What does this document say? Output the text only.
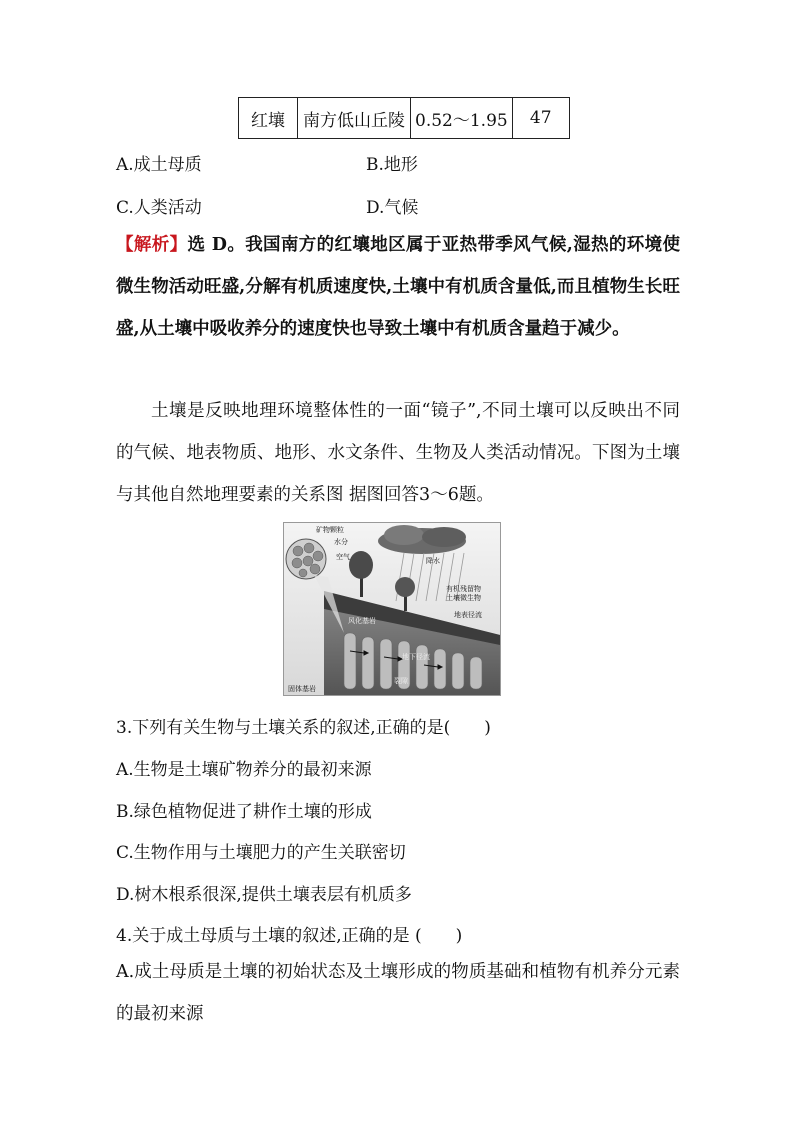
红壤	南方低山丘陵	0.52～1.95	47
A.成土母质	B.地形
C.人类活动	D.气候
【解析】选 D。我国南方的红壤地区属于亚热带季风气候,湿热的环境使微生物活动旺盛,分解有机质速度快,土壤中有机质含量低,而且植物生长旺盛,从土壤中吸收养分的速度快也导致土壤中有机质含量趋于减少。
土壤是反映地理环境整体性的一面“镜子”,不同土壤可以反映出不同的气候、地表物质、地形、水文条件、生物及人类活动情况。下图为土壤与其他自然地理要素的关系图 据图回答3～6题。
矿物颗粒
水分
空气
降水
有机残留物
土壤微生物
地表径流
风化基岩
地下径流
裂隙
固体基岩
3.下列有关生物与土壤关系的叙述,正确的是(　　)
A.生物是土壤矿物养分的最初来源
B.绿色植物促进了耕作土壤的形成
C.生物作用与土壤肥力的产生关联密切
D.树木根系很深,提供土壤表层有机质多
4.关于成土母质与土壤的叙述,正确的是 (　　)
A.成土母质是土壤的初始状态及土壤形成的物质基础和植物有机养分元素的最初来源
